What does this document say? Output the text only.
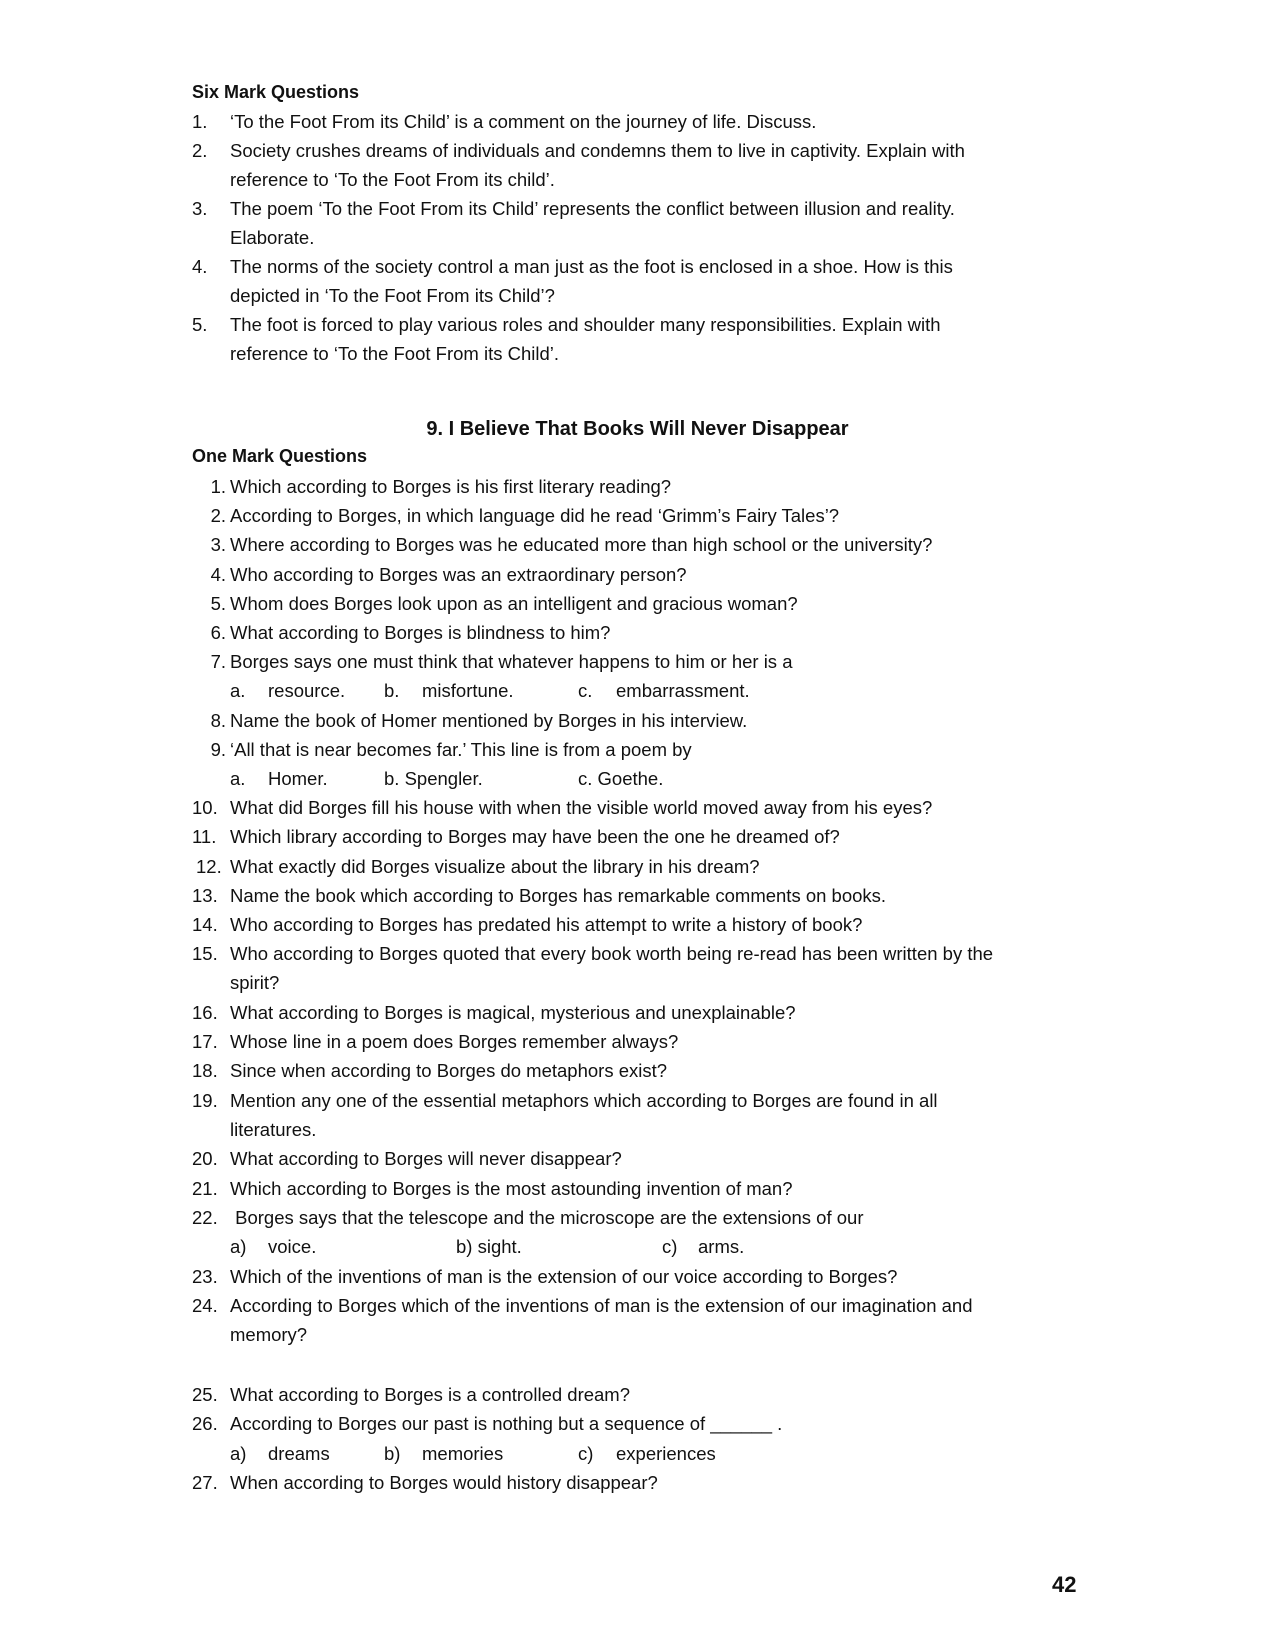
Six Mark Questions
1.	‘To the Foot From its Child’ is a comment on the journey of life. Discuss.
2.	Society crushes dreams of individuals and condemns them to live in captivity. Explain with
reference to ‘To the Foot From its child’.
3.	The poem ‘To the Foot From its Child’ represents the conflict between illusion and reality.
Elaborate.
4.	The norms of the society control a man just as the foot is enclosed in a shoe. How is this
depicted in ‘To the Foot From its Child’?
5.	The foot is forced to play various roles and shoulder many responsibilities. Explain with
reference to ‘To the Foot From its Child’.
9. I Believe That Books Will Never Disappear
One Mark Questions
1. Which according to Borges is his first literary reading?
2. According to Borges, in which language did he read ‘Grimm’s Fairy Tales’?
3. Where according to Borges was he educated more than high school or the university?
4. Who according to Borges was an extraordinary person?
5. Whom does Borges look upon as an intelligent and gracious woman?
6. What according to Borges is blindness to him?
7. Borges says one must think that whatever happens to him or her is a
a. resource. b. misfortune.	c. embarrassment.
8. Name the book of Homer mentioned by Borges in his interview.
9. ‘All that is near becomes far.’ This line is from a poem by
a. Homer.	b. Spengler.	c. Goethe.
10. What did Borges fill his house with when the visible world moved away from his eyes?
11. Which library according to Borges may have been the one he dreamed of?
12. What exactly did Borges visualize about the library in his dream?
13. Name the book which according to Borges has remarkable comments on books.
14. Who according to Borges has predated his attempt to write a history of book?
15. Who according to Borges quoted that every book worth being re-read has been written by the
spirit?
16. What according to Borges is magical, mysterious and unexplainable?
17. Whose line in a poem does Borges remember always?
18. Since when according to Borges do metaphors exist?
19. Mention any one of the essential metaphors which according to Borges are found in all
literatures.
20. What according to Borges will never disappear?
21. Which according to Borges is the most astounding invention of man?
22. Borges says that the telescope and the microscope are the extensions of our
a) voice.	b) sight.	c) arms.
23. Which of the inventions of man is the extension of our voice according to Borges?
24. According to Borges which of the inventions of man is the extension of our imagination and
memory?
25. What according to Borges is a controlled dream?
26. According to Borges our past is nothing but a sequence of ______ .
a) dreams	b) memories	c) experiences
27. When according to Borges would history disappear?
42
